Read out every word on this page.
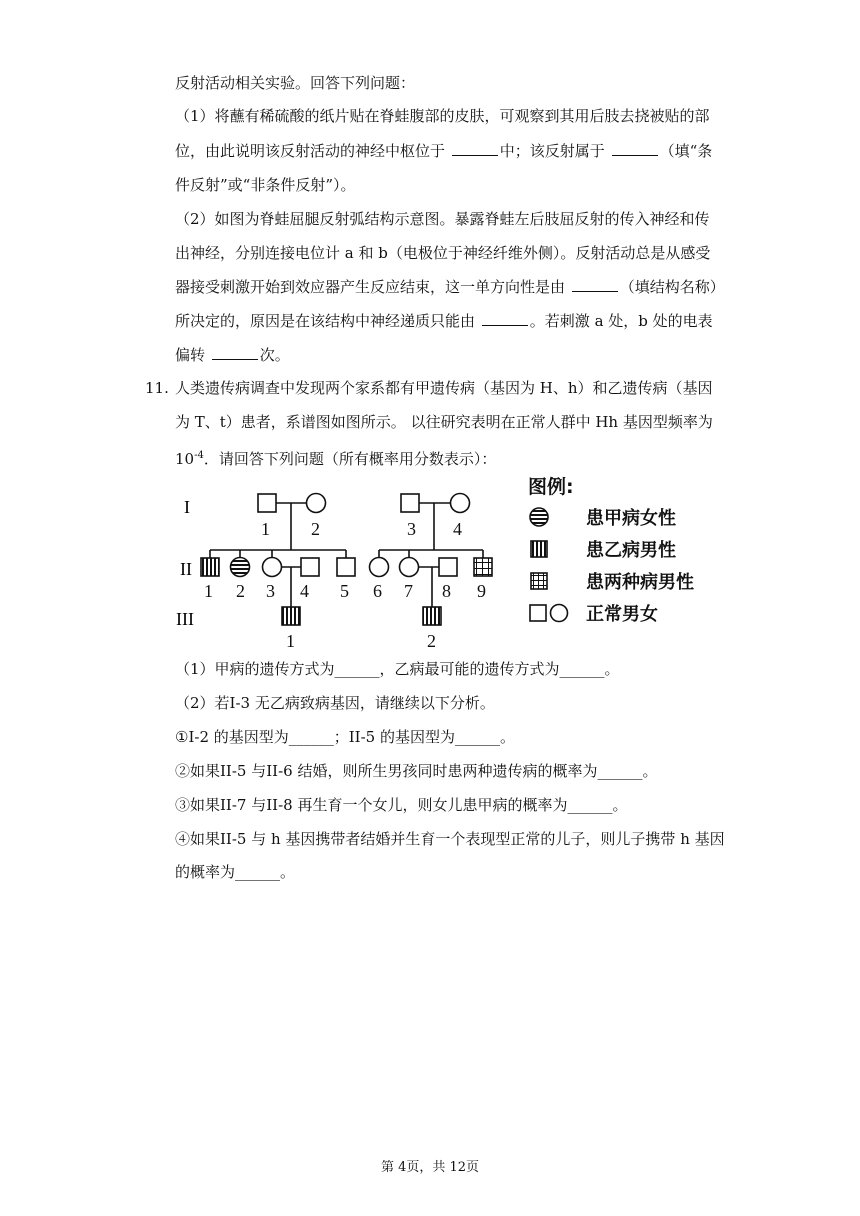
反射活动相关实验。回答下列问题：
（1）将蘸有稀硫酸的纸片贴在脊蛙腹部的皮肤，可观察到其用后肢去挠被贴的部
位，由此说明该反射活动的神经中枢位于	中；该反射属于	（填“条
件反射”或“非条件反射”）。
（2）如图为脊蛙屈腿反射弧结构示意图。暴露脊蛙左后肢屈反射的传入神经和传
出神经，分别连接电位计 a 和 b（电极位于神经纤维外侧）。反射活动总是从感受
器接受刺激开始到效应器产生反应结束，这一单方向性是由	（填结构名称）
所决定的，原因是在该结构中神经递质只能由	。若刺激 a 处，b 处的电表
偏转	次。
11. 人类遗传病调查中发现两个家系都有甲遗传病（基因为 H、h）和乙遗传病（基因
为 T、t）患者，系谱图如图所示。 以往研究表明在正常人群中 Hh 基因型频率为
$10^{-4}$．请回答下列问题（所有概率用分数表示）：
I
II
III
1 2
1 2 3 4 5
1
3 4
6 7 8 9
2
图例:
患甲病女性
患乙病男性
患两种病男性
正常男女
（1）甲病的遗传方式为______，乙病最可能的遗传方式为______。
（2）若I-3 无乙病致病基因，请继续以下分析。
①I-2 的基因型为______；II-5 的基因型为______。
②如果II-5 与II-6 结婚，则所生男孩同时患两种遗传病的概率为______。
③如果II-7 与II-8 再生育一个女儿，则女儿患甲病的概率为______。
④如果II-5 与 h 基因携带者结婚并生育一个表现型正常的儿子，则儿子携带 h 基因
的概率为______。
第 4页，共 12页
